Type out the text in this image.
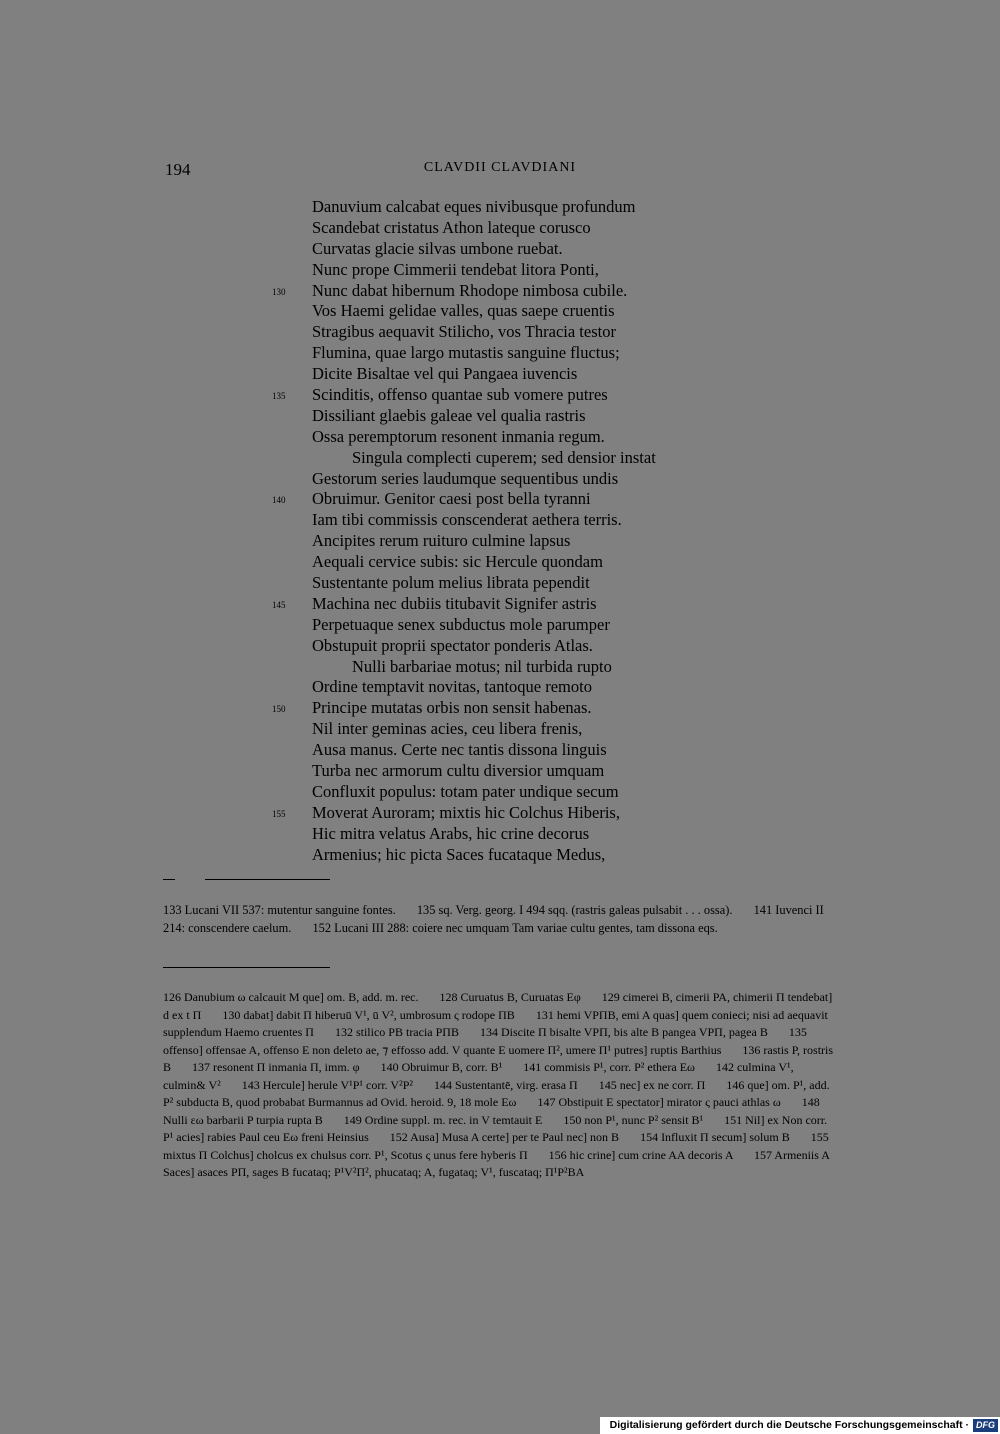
194	CLAVDII CLAVDIANI
Danuvium calcabat eques nivibusque profundum
Scandebat cristatus Athon lateque corusco
Curvatas glacie silvas umbone ruebat.
Nunc prope Cimmerii tendebat litora Ponti,
130 Nunc dabat hibernum Rhodope nimbosa cubile.
Vos Haemi gelidae valles, quas saepe cruentis
Stragibus aequavit Stilicho, vos Thracia testor
Flumina, quae largo mutastis sanguine fluctus;
Dicite Bisaltae vel qui Pangaea iuvencis
135 Scinditis, offenso quantae sub vomere putres
Dissiliant glaebis galeae vel qualia rastris
Ossa peremptorum resonent inmania regum.
Singula complecti cuperem; sed densior instat
Gestorum series laudumque sequentibus undis
140 Obruimur. Genitor caesi post bella tyranni
Iam tibi commissis conscenderat aethera terris.
Ancipites rerum ruituro culmine lapsus
Aequali cervice subis: sic Hercule quondam
Sustentante polum melius librata pependit
145 Machina nec dubiis titubavit Signifer astris
Perpetuaque senex subductus mole parumper
Obstupuit proprii spectator ponderis Atlas.
Nulli barbariae motus; nil turbida rupto
Ordine temptavit novitas, tantoque remoto
150 Principe mutatas orbis non sensit habenas.
Nil inter geminas acies, ceu libera frenis,
Ausa manus. Certe nec tantis dissona linguis
Turba nec armorum cultu diversior umquam
Confluxit populus: totam pater undique secum
155 Moverat Auroram; mixtis hic Colchus Hiberis,
Hic mitra velatus Arabs, hic crine decorus
Armenius; hic picta Saces fucataque Medus,
133 Lucani VII 537: mutentur sanguine fontes. 135 sq. Verg. georg. I 494 sqq. (rastris galeas pulsabit . . . ossa). 141 Iuvenci II 214: conscendere caelum. 152 Lucani III 288: coiere nec umquam Tam variae cultu gentes, tam dissona eqs.
126 Danubium ω calcauit M que] om. B, add. m. rec. 128 Curuatus B, Curuatas Eφ 129 cimerei B, cimerii PA, chimerii Π tendebat] d ex t Π 130 dabat] dabit Π hiberuū V¹, ū V², umbrosum ς rodope ΠB 131 hemi VPΠB, emi A quas] quem conieci; nisi ad aequavit supplendum Haemo cruentes Π 132 stilico PB tracia PΠB 134 Discite Π bisalte VPΠ, bis alte B pangea VPΠ, pagea B 135 offenso] offensae A, offenso E non deleto ae, ⁊ effosso add. V quante E uomere Π², umere Π¹ putres] ruptis Barthius 136 rastis P, rostris B 137 resonent Π inmania Π, imm. φ 140 Obruimur B, corr. B¹ 141 commisis P¹, corr. P² ethera Eω 142 culmina V¹, culmin& V² 143 Hercule] herule V¹P¹ corr. V²P² 144 Sustentantē, virg. erasa Π 145 nec] ex ne corr. Π 146 que] om. P¹, add. P² subducta B, quod probabat Burmannus ad Ovid. heroid. 9, 18 mole Eω 147 Obstipuit E spectator] mirator ς pauci athlas ω 148 Nulli εω barbarii P turpia rupta B 149 Ordine suppl. m. rec. in V temtauit E 150 non P¹, nunc P² sensit B¹ 151 Nil] ex Non corr. P¹ acies] rabies Paul ceu Eω freni Heinsius 152 Ausa] Musa A certe] per te Paul nec] non B 154 Influxit Π secum] solum B 155 mixtus Π Colchus] cholcus ex chulsus corr. P¹, Scotus ς unus fere hyberis Π 156 hic crine] cum crine AA decoris A 157 Armeniis A Saces] asaces PΠ, sages B fucataq; P¹V²Π², phucataq; A, fugataq; V¹, fuscataq; Π¹P²BA
Digitalisierung gefördert durch die Deutsche Forschungsgemeinschaft · DFG
